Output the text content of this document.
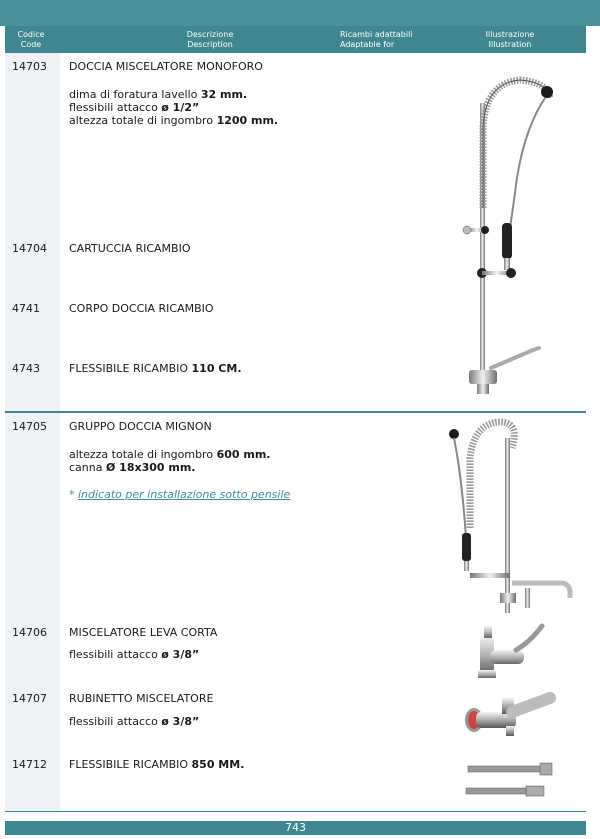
Codice
Code
Descrizione
Description
Ricambi adattabili
Adaptable for
Illustrazione
Illustration
14703 DOCCIA MISCELATORE MONOFORO
dima di foratura lavello 32 mm.
flessibili attacco ø 1/2”
altezza totale di ingombro 1200 mm.
14704 CARTUCCIA RICAMBIO
4741	CORPO DOCCIA RICAMBIO
4743	FLESSIBILE RICAMBIO 110 CM.
14705 GRUPPO DOCCIA MIGNON
altezza totale di ingombro 600 mm.
canna Ø 18x300 mm.
* indicato per installazione sotto pensile
14706 MISCELATORE LEVA CORTA
flessibili attacco ø 3/8”
14707 RUBINETTO MISCELATORE
flessibili attacco ø 3/8”
14712 FLESSIBILE RICAMBIO 850 MM.
743
